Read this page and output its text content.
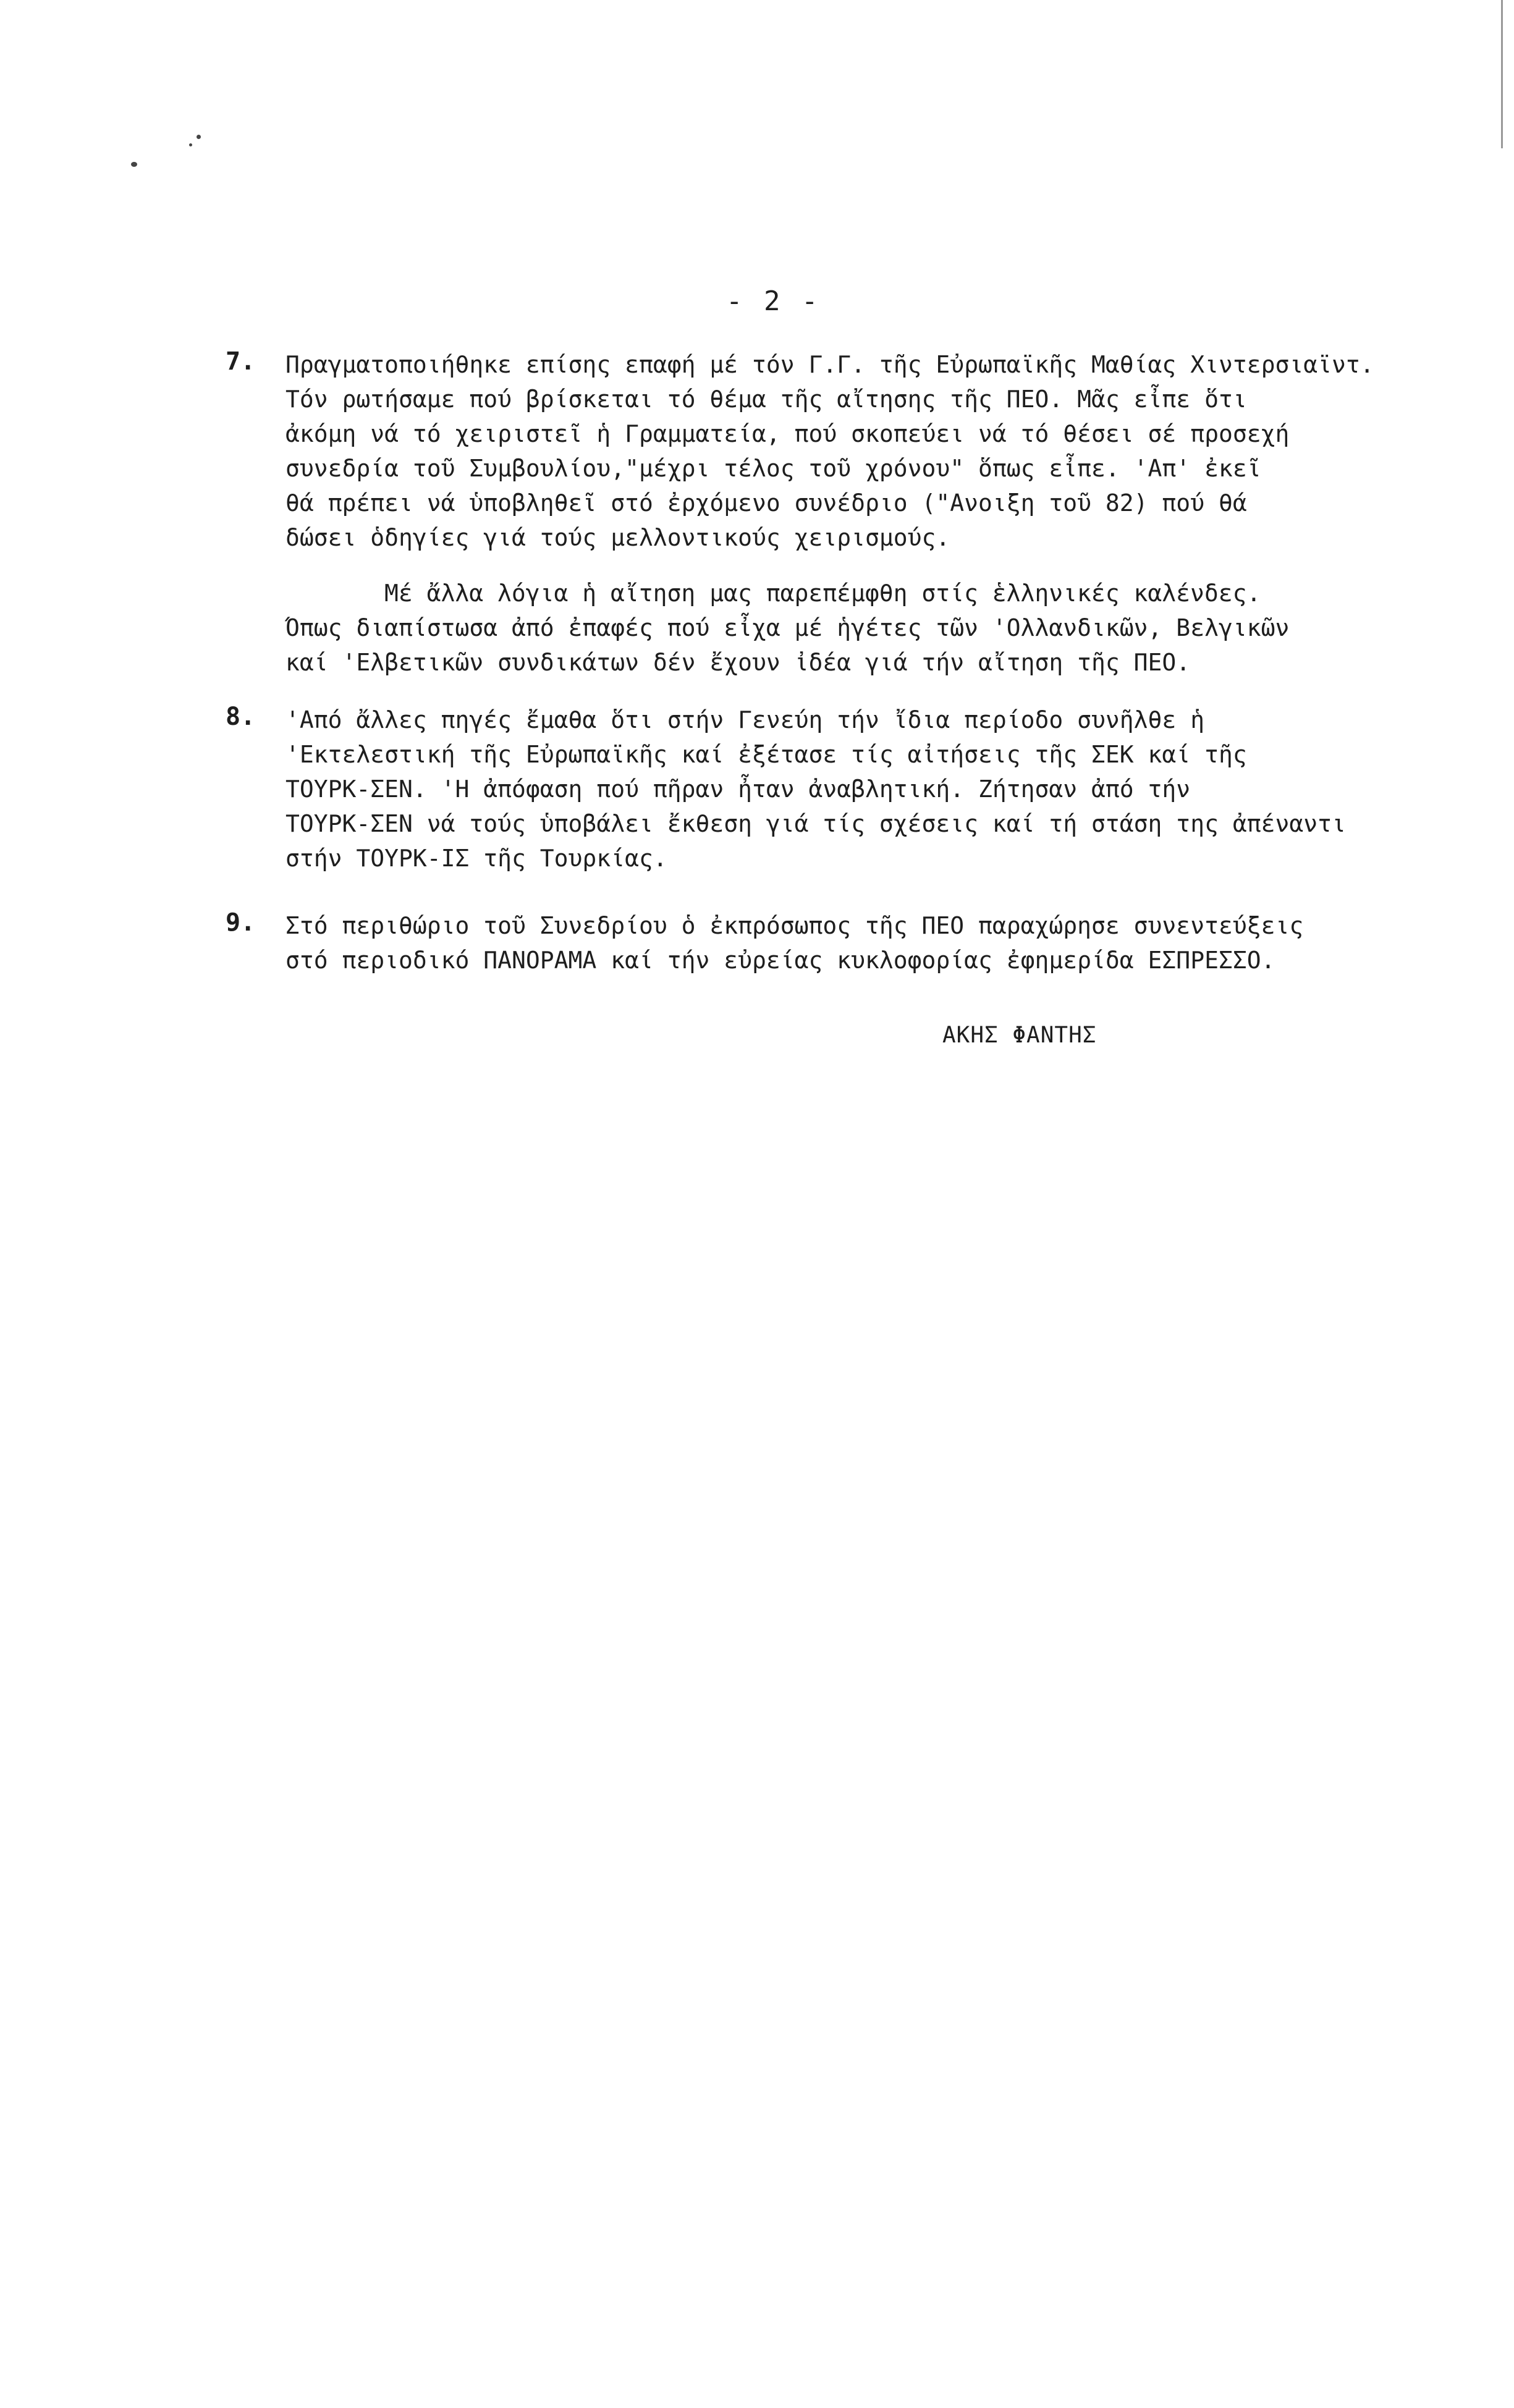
- 2 -
7.	Πραγματοποιήθηκε επίσης επαφή μέ τόν Γ.Γ. τῆς Εὐρωπαϊκῆς Μαθίας Χιντερσιαϊντ.
Τόν ρωτήσαμε πού βρίσκεται τό θέμα τῆς αἴτησης τῆς ΠΕΟ. Μᾶς εἶπε ὅτι
ἀκόμη νά τό χειριστεῖ ἡ Γραμματεία, πού σκοπεύει νά τό θέσει σέ προσεχή
συνεδρία τοῦ Συμβουλίου,"μέχρι τέλος τοῦ χρόνου" ὅπως εἶπε. 'Απ' ἐκεῖ
θά πρέπει νά ὑποβληθεῖ στό ἐρχόμενο συνέδριο ("Ανοιξη τοῦ 82) πού θά
δώσει ὁδηγίες γιά τούς μελλοντικούς χειρισμούς.
Μέ ἄλλα λόγια ἡ αἴτηση μας παρεπέμφθη στίς ἑλληνικές καλένδες.
Όπως διαπίστωσα ἀπό ἐπαφές πού εἶχα μέ ἡγέτες τῶν 'Ολλανδικῶν, Βελγικῶν
καί 'Ελβετικῶν συνδικάτων δέν ἔχουν ἰδέα γιά τήν αἴτηση τῆς ΠΕΟ.
8.	'Από ἄλλες πηγές ἔμαθα ὅτι στήν Γενεύη τήν ἴδια περίοδο συνῆλθε ἡ
'Εκτελεστική τῆς Εὐρωπαϊκῆς καί ἐξέτασε τίς αἰτήσεις τῆς ΣΕΚ καί τῆς
ΤΟΥΡΚ-ΣΕΝ. 'Η ἀπόφαση πού πῆραν ἦταν ἀναβλητική. Ζήτησαν ἀπό τήν
ΤΟΥΡΚ-ΣΕΝ νά τούς ὑποβάλει ἔκθεση γιά τίς σχέσεις καί τή στάση της ἀπέναντι
στήν ΤΟΥΡΚ-ΙΣ τῆς Τουρκίας.
9.	Στό περιθώριο τοῦ Συνεδρίου ὁ ἐκπρόσωπος τῆς ΠΕΟ παραχώρησε συνεντεύξεις
στό περιοδικό ΠΑΝΟΡΑΜΑ καί τήν εὐρείας κυκλοφορίας ἐφημερίδα ΕΣΠΡΕΣΣΟ.
ΑΚΗΣ ΦΑΝΤΗΣ
